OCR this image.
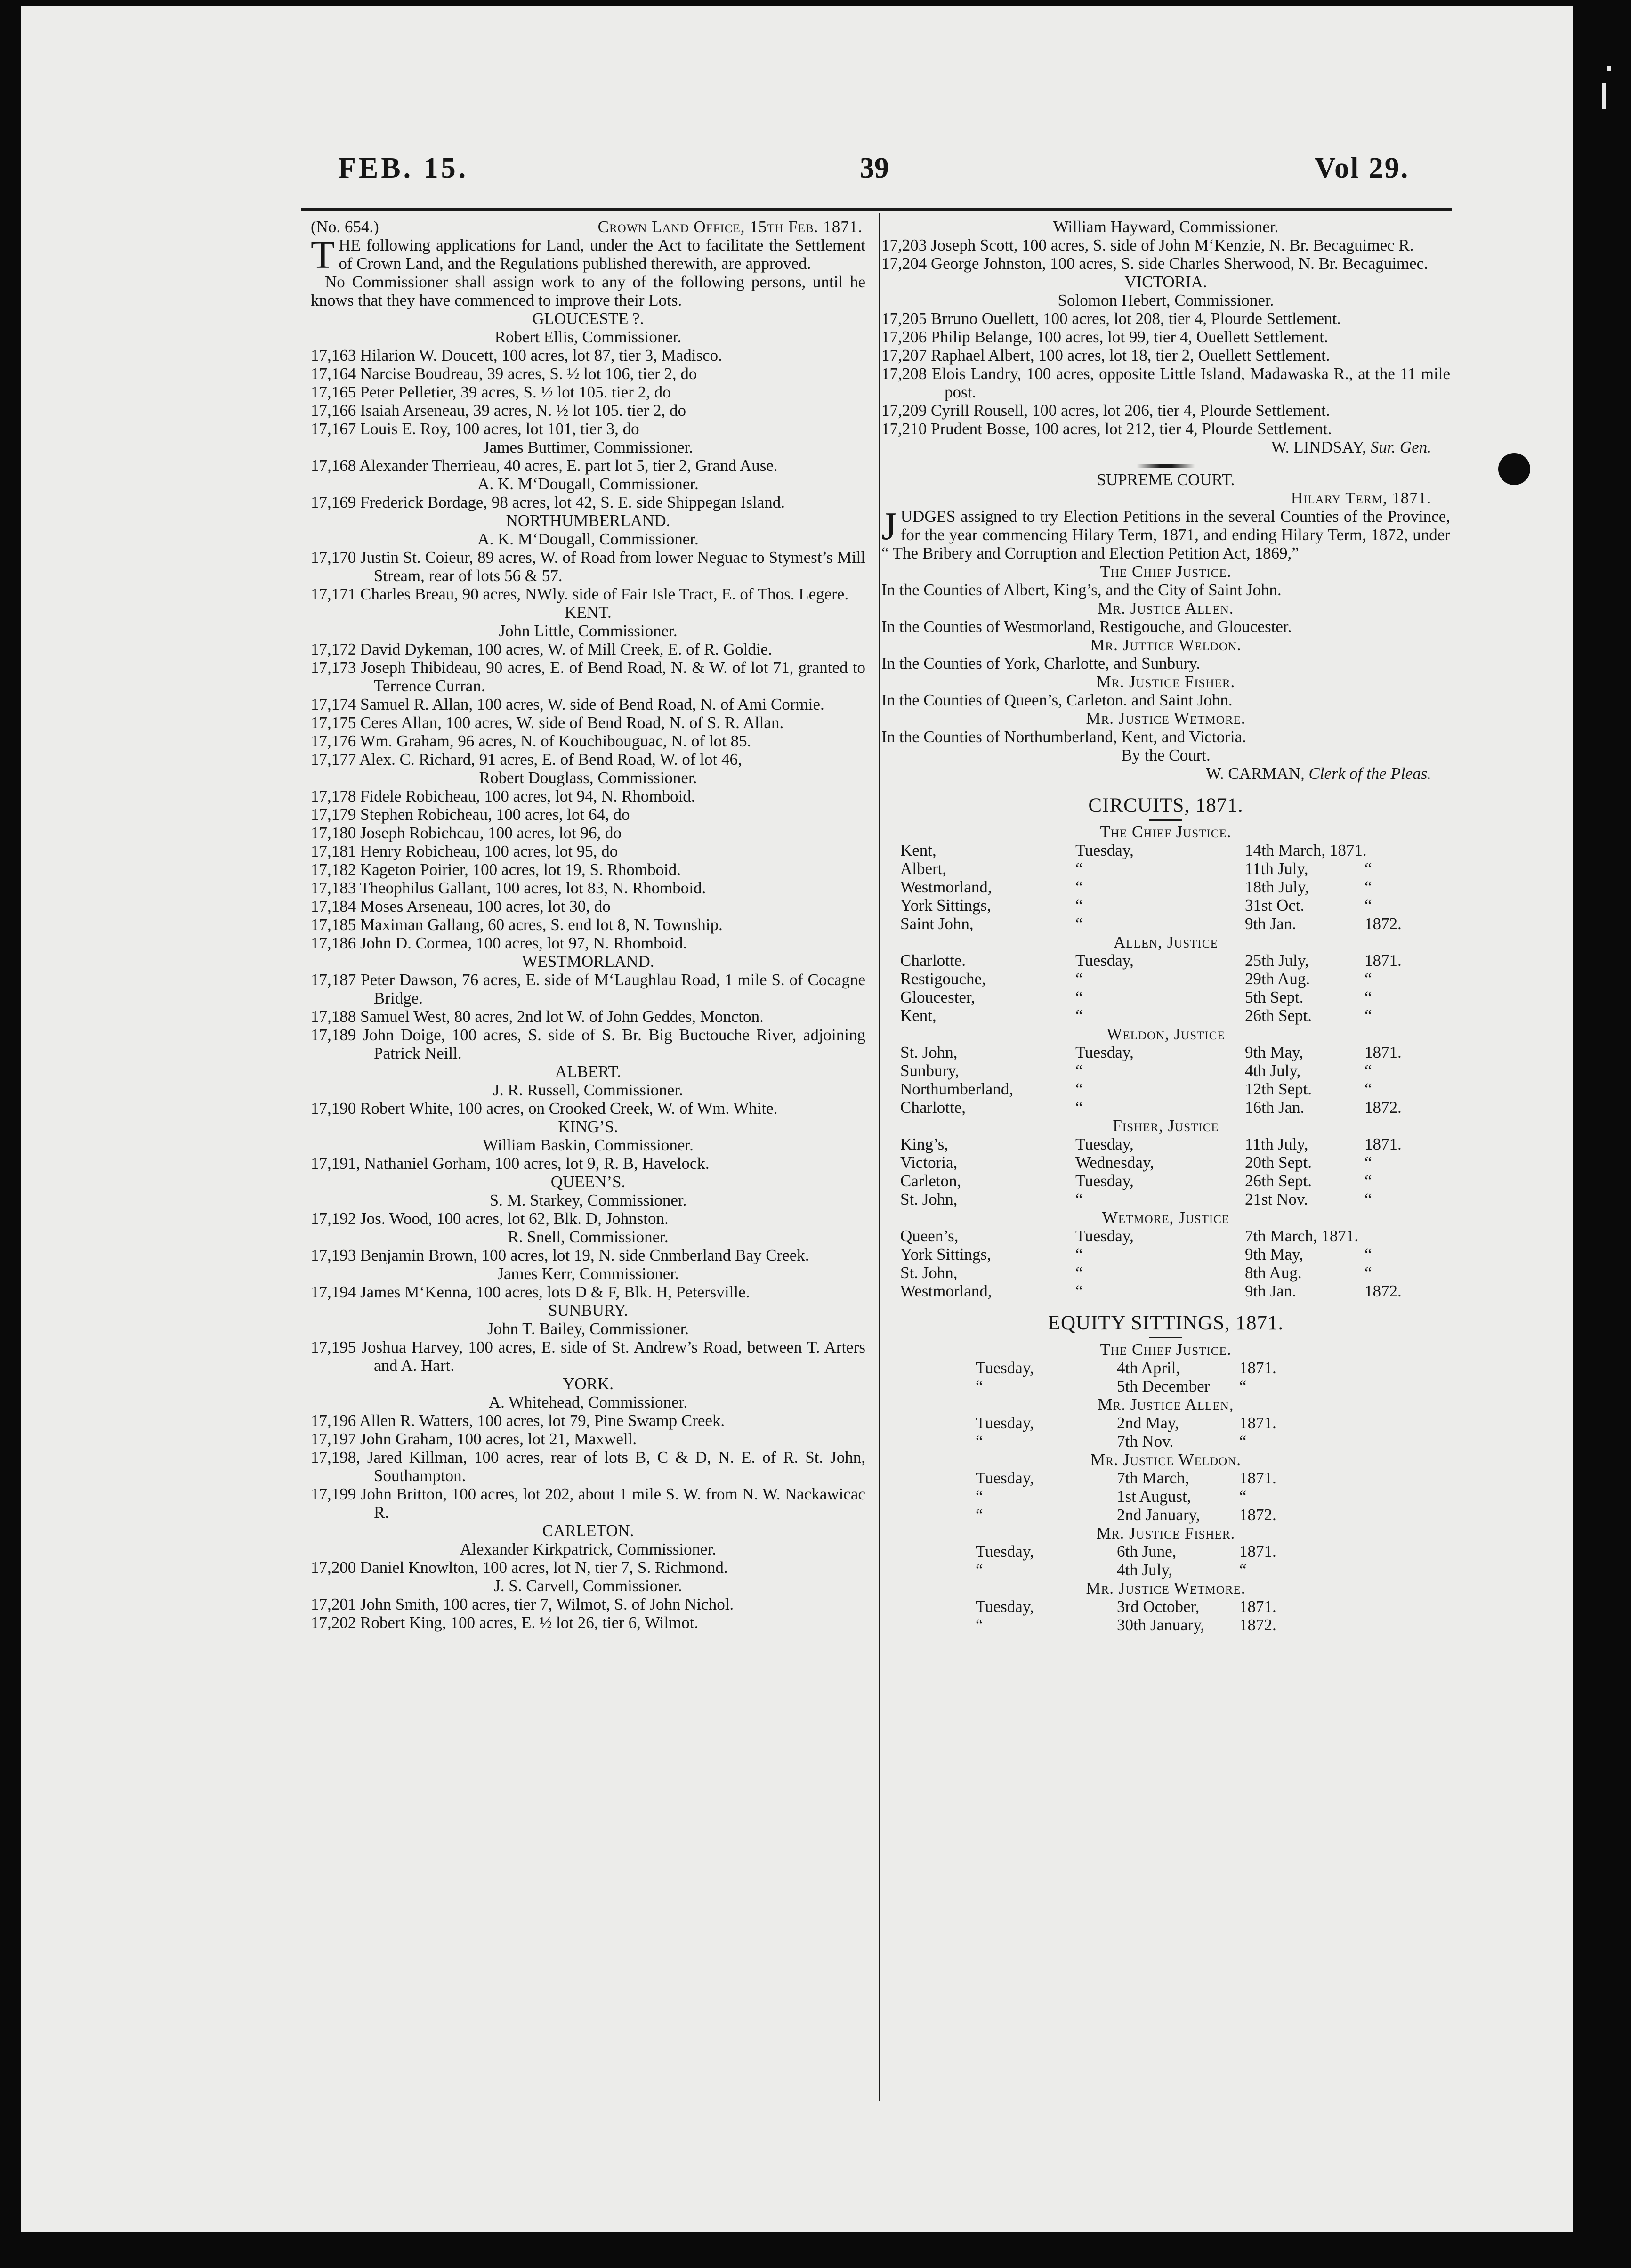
FEB. 15.	39	Vol 29.

(No. 654.)	Crown Land Office, 15th Feb. 1871.

THE following applications for Land, under the Act to facilitate the Settlement of Crown Land, and the Regulations published therewith, are approved.

No Commissioner shall assign work to any of the following persons, until he knows that they have commenced to improve their Lots.

GLOUCESTE ?.

Robert Ellis, Commissioner.

17,163 Hilarion W. Doucett, 100 acres, lot 87, tier 3, Madisco.

17,164 Narcise Boudreau, 39 acres, S. ½ lot 106, tier 2, do

17,165 Peter Pelletier, 39 acres, S. ½ lot 105. tier 2, do

17,166 Isaiah Arseneau, 39 acres, N. ½ lot 105. tier 2, do

17,167 Louis E. Roy, 100 acres, lot 101, tier 3, do

James Buttimer, Commissioner.

17,168 Alexander Therrieau, 40 acres, E. part lot 5, tier 2, Grand Ause.

A. K. M‘Dougall, Commissioner.

17,169 Frederick Bordage, 98 acres, lot 42, S. E. side Shippegan Island.

NORTHUMBERLAND.

A. K. M‘Dougall, Commissioner.

17,170 Justin St. Coieur, 89 acres, W. of Road from lower Neguac to Stymest’s Mill Stream, rear of lots 56 & 57.

17,171 Charles Breau, 90 acres, NWly. side of Fair Isle Tract, E. of Thos. Legere.

KENT.

John Little, Commissioner.

17,172 David Dykeman, 100 acres, W. of Mill Creek, E. of R. Goldie.

17,173 Joseph Thibideau, 90 acres, E. of Bend Road, N. & W. of lot 71, granted to Terrence Curran.

17,174 Samuel R. Allan, 100 acres, W. side of Bend Road, N. of Ami Cormie.

17,175 Ceres Allan, 100 acres, W. side of Bend Road, N. of S. R. Allan.

17,176 Wm. Graham, 96 acres, N. of Kouchibouguac, N. of lot 85.

17,177 Alex. C. Richard, 91 acres, E. of Bend Road, W. of lot 46,

Robert Douglass, Commissioner.

17,178 Fidele Robicheau, 100 acres, lot 94, N. Rhomboid.

17,179 Stephen Robicheau, 100 acres, lot 64, do

17,180 Joseph Robichcau, 100 acres, lot 96, do

17,181 Henry Robicheau, 100 acres, lot 95, do

17,182 Kageton Poirier, 100 acres, lot 19, S. Rhomboid.

17,183 Theophilus Gallant, 100 acres, lot 83, N. Rhomboid.

17,184 Moses Arseneau, 100 acres, lot 30, do

17,185 Maximan Gallang, 60 acres, S. end lot 8, N. Township.

17,186 John D. Cormea, 100 acres, lot 97, N. Rhomboid.

WESTMORLAND.

17,187 Peter Dawson, 76 acres, E. side of M‘Laughlau Road, 1 mile S. of Cocagne Bridge.

17,188 Samuel West, 80 acres, 2nd lot W. of John Geddes, Moncton.

17,189 John Doige, 100 acres, S. side of S. Br. Big Buctouche River, adjoining Patrick Neill.

ALBERT.

J. R. Russell, Commissioner.

17,190 Robert White, 100 acres, on Crooked Creek, W. of Wm. White.

KING’S.

William Baskin, Commissioner.

17,191, Nathaniel Gorham, 100 acres, lot 9, R. B, Havelock.

QUEEN’S.

S. M. Starkey, Commissioner.

17,192 Jos. Wood, 100 acres, lot 62, Blk. D, Johnston.

R. Snell, Commissioner.

17,193 Benjamin Brown, 100 acres, lot 19, N. side Cnmberland Bay Creek.

James Kerr, Commissioner.

17,194 James M‘Kenna, 100 acres, lots D & F, Blk. H, Petersville.

SUNBURY.

John T. Bailey, Commissioner.

17,195 Joshua Harvey, 100 acres, E. side of St. Andrew’s Road, between T. Arters and A. Hart.

YORK.

A. Whitehead, Commissioner.

17,196 Allen R. Watters, 100 acres, lot 79, Pine Swamp Creek.

17,197 John Graham, 100 acres, lot 21, Maxwell.

17,198, Jared Killman, 100 acres, rear of lots B, C & D, N. E. of R. St. John, Southampton.

17,199 John Britton, 100 acres, lot 202, about 1 mile S. W. from N. W. Nackawicac R.

CARLETON.

Alexander Kirkpatrick, Commissioner.

17,200 Daniel Knowlton, 100 acres, lot N, tier 7, S. Richmond.

J. S. Carvell, Commissioner.

17,201 John Smith, 100 acres, tier 7, Wilmot, S. of John Nichol.

17,202 Robert King, 100 acres, E. ½ lot 26, tier 6, Wilmot.

William Hayward, Commissioner.

17,203 Joseph Scott, 100 acres, S. side of John M‘Kenzie, N. Br. Becaguimec R.

17,204 George Johnston, 100 acres, S. side Charles Sherwood, N. Br. Becaguimec.

VICTORIA.

Solomon Hebert, Commissioner.

17,205 Brruno Ouellett, 100 acres, lot 208, tier 4, Plourde Settlement.

17,206 Philip Belange, 100 acres, lot 99, tier 4, Ouellett Settlement.

17,207 Raphael Albert, 100 acres, lot 18, tier 2, Ouellett Settlement.

17,208 Elois Landry, 100 acres, opposite Little Island, Madawaska R., at the 11 mile post.

17,209 Cyrill Rousell, 100 acres, lot 206, tier 4, Plourde Settlement.

17,210 Prudent Bosse, 100 acres, lot 212, tier 4, Plourde Settlement.

W. LINDSAY, Sur. Gen.

SUPREME COURT.

Hilary Term, 1871.

JUDGES assigned to try Election Petitions in the several Counties of the Province, for the year commencing Hilary Term, 1871, and ending Hilary Term, 1872, under “ The Bribery and Corruption and Election Petition Act, 1869,”

The Chief Justice.

In the Counties of Albert, King’s, and the City of Saint John.

Mr. Justice Allen.

In the Counties of Westmorland, Restigouche, and Gloucester.

Mr. Juttice Weldon.

In the Counties of York, Charlotte, and Sunbury.

Mr. Justice Fisher.

In the Counties of Queen’s, Carleton. and Saint John.

Mr. Justice Wetmore.

In the Counties of Northumberland, Kent, and Victoria.

By the Court.

W. CARMAN, Clerk of the Pleas.

CIRCUITS, 1871.

The Chief Justice.

Kent,	Tuesday,	14th March, 1871.
Albert,	“	11th July,	“
Westmorland,	“	18th July,	“
York Sittings,	“	31st Oct.	“
Saint John,	“	9th Jan.	1872.

Allen, Justice

Charlotte.	Tuesday,	25th July,	1871.
Restigouche,	“	29th Aug.	“
Gloucester,	“	5th Sept.	“
Kent,	“	26th Sept.	“

Weldon, Justice

St. John,	Tuesday,	9th May,	1871.
Sunbury,	“	4th July,	“
Northumberland,	“	12th Sept.	“
Charlotte,	“	16th Jan.	1872.

Fisher, Justice

King’s,	Tuesday,	11th July,	1871.
Victoria,	Wednesday,	20th Sept.	“
Carleton,	Tuesday,	26th Sept.	“
St. John,	“	21st Nov.	“

Wetmore, Justice

Queen’s,	Tuesday,	7th March, 1871.
York Sittings,	“	9th May,	“
St. John,	“	8th Aug.	“
Westmorland,	“	9th Jan.	1872.

EQUITY SITTINGS, 1871.

The Chief Justice.

Tuesday,	4th April,	1871.
“	5th December “

Mr. Justice Allen,

Tuesday,	2nd May,	1871.
“	7th Nov.	“

Mr. Justice Weldon.

Tuesday,	7th March,	1871.
“	1st August,	“
“	2nd January, 1872.

Mr. Justice Fisher.

Tuesday,	6th June,	1871.
“	4th July,	“

Mr. Justice Wetmore.

Tuesday,	3rd October, 1871.
“	30th January, 1872.
